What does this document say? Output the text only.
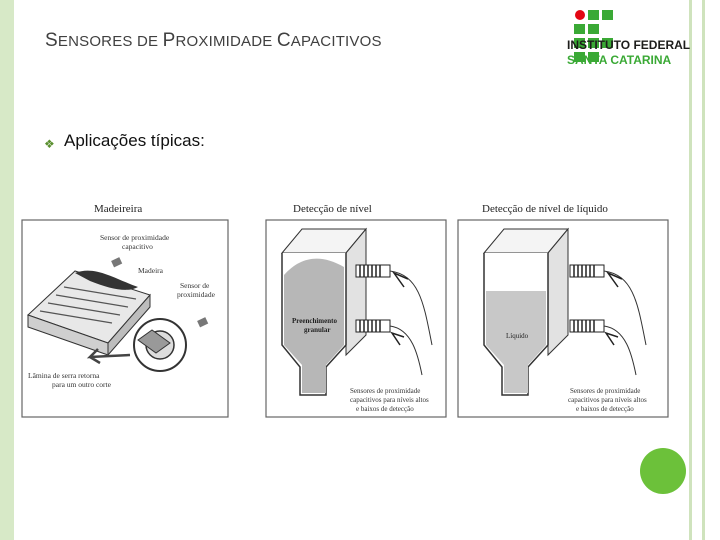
SENSORES DE PROXIMIDADE CAPACITIVOS	INSTITUTO FEDERAL
SANTA CATARINA
❖ Aplicações típicas:
Madeireira
Sensor de proximidade
capacitivo
Madeira
Sensor de
proximidade
Lâmina de serra retorna
para um outro corte
Detecção de nível
Preenchimento
granular
Sensores de proximidade
capacitivos para níveis altos
e baixos de detecção
Detecção de nível de líquido
Líquido
Sensores de proximidade
capacitivos para níveis altos
e baixos de detecção
